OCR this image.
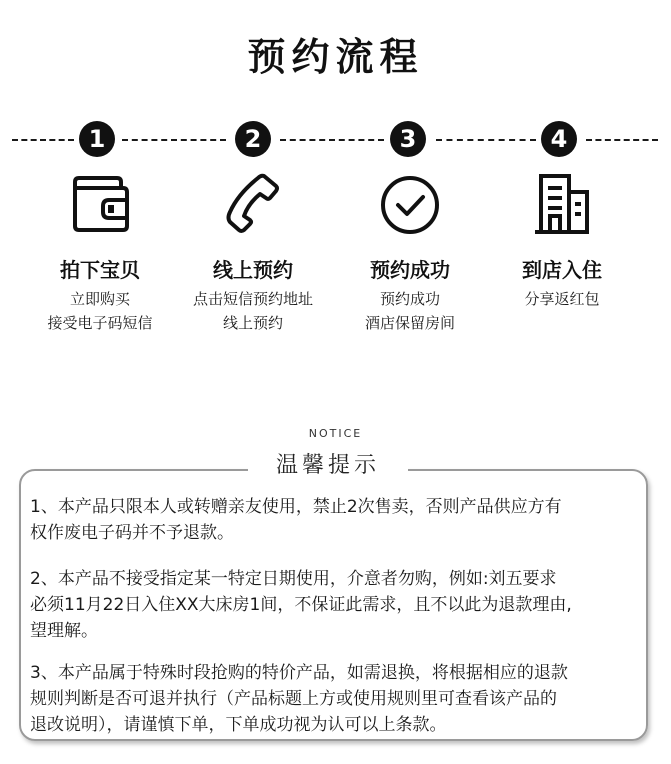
预约流程
1	2	3	4
拍下宝贝
立即购买
接受电子码短信
线上预约
点击短信预约地址
线上预约
预约成功
预约成功
酒店保留房间
到店入住
分享返红包
NOTICE
温馨提示
1、本产品只限本人或转赠亲友使用，禁止2次售卖，否则产品供应方有
权作废电子码并不予退款。
2、本产品不接受指定某一特定日期使用，介意者勿购，例如:刘五要求
必须11月22日入住XX大床房1间，不保证此需求，且不以此为退款理由,
望理解。
3、本产品属于特殊时段抢购的特价产品，如需退换，将根据相应的退款
规则判断是否可退并执行（产品标题上方或使用规则里可查看该产品的
退改说明），请谨慎下单，下单成功视为认可以上条款。
